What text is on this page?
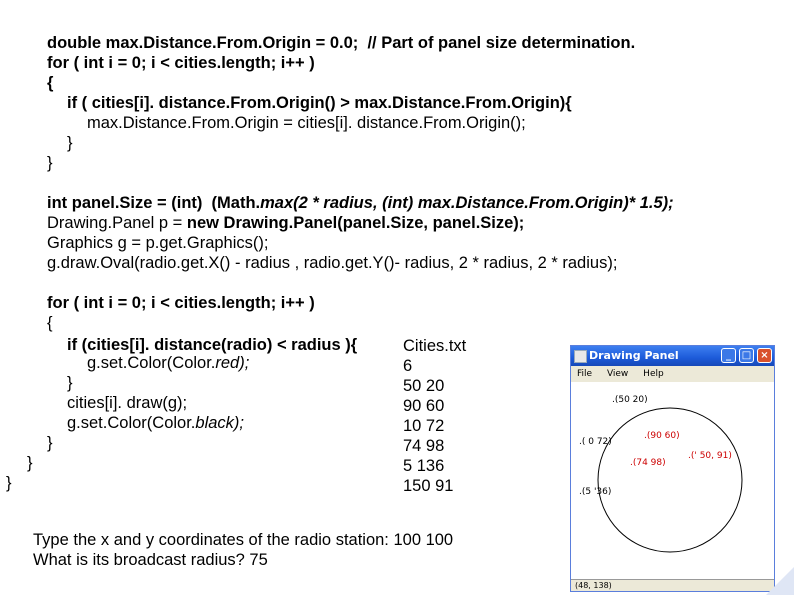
double max.Distance.From.Origin = 0.0;  // Part of panel size determination.
for ( int i = 0; i < cities.length; i++ )
{
if ( cities[i]. distance.From.Origin() > max.Distance.From.Origin){
max.Distance.From.Origin = cities[i]. distance.From.Origin();
}
}
int panel.Size = (int)  (Math.max(2 * radius, (int) max.Distance.From.Origin)* 1.5);
Drawing.Panel p = new Drawing.Panel(panel.Size, panel.Size);
Graphics g = p.get.Graphics();
g.draw.Oval(radio.get.X() - radius , radio.get.Y()- radius, 2 * radius, 2 * radius);
for ( int i = 0; i < cities.length; i++ )
{
if (cities[i]. distance(radio) < radius ){
g.set.Color(Color.red);
}
cities[i]. draw(g);
g.set.Color(Color.black);
}
}
}
Cities.txt
6
50 20
90 60
10 72
74 98
5 136
150 91
Type the x and y coordinates of the radio station: 100 100
What is its broadcast radius? 75
Drawing Panel	_	□ ×
File View Help
.(50 20)
.(90 60)
.( 0 72)
.(74 98)
.(' 50, 91)
.(5 '36)
(48, 138)
